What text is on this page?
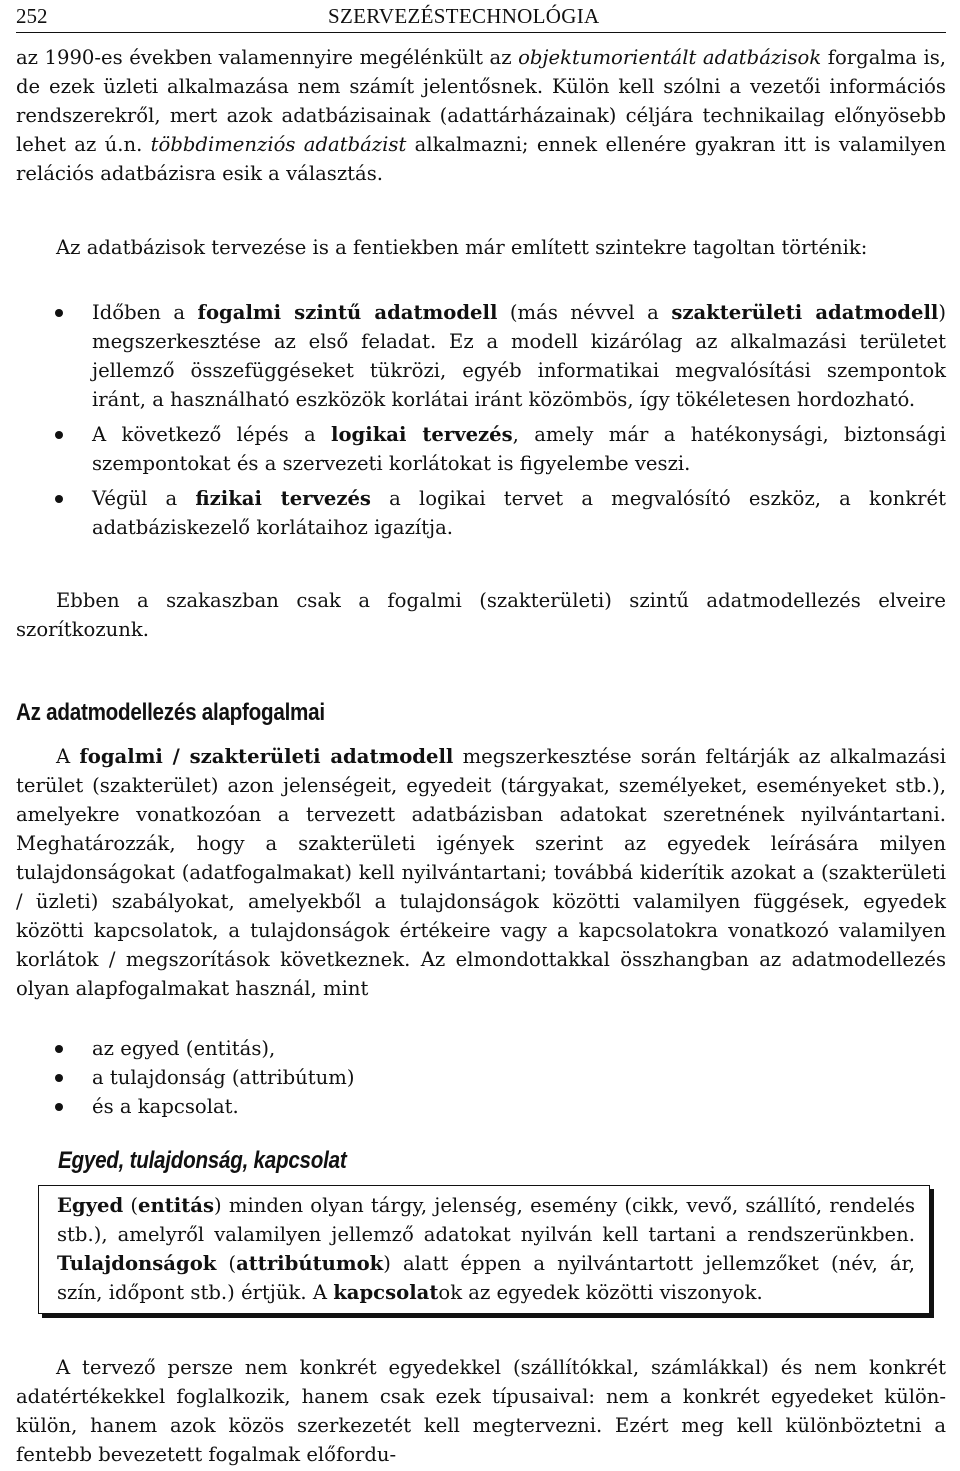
252	SZERVEZÉSTECHNOLÓGIA

az 1990-es években valamennyire megélénkült az objektumorientált adatbázisok forgalma is, de ezek üzleti alkalmazása nem számít jelentősnek. Külön kell szólni a vezetői információs rendszerekről, mert azok adatbázisainak (adattárházainak) céljára technikailag előnyösebb lehet az ú.n. többdimenziós adatbázist alkalmazni; ennek ellenére gyakran itt is valamilyen relációs adatbázisra esik a választás.

Az adatbázisok tervezése is a fentiekben már említett szintekre tagoltan történik:

Időben a fogalmi szintű adatmodell (más névvel a szakterületi adatmodell) megszerkesztése az első feladat. Ez a modell kizárólag az alkalmazási területet jellemző összefüggéseket tükrözi, egyéb informatikai megvalósítási szempontok iránt, a használható eszközök korlátai iránt közömbös, így tökéletesen hordozható.
A következő lépés a logikai tervezés, amely már a hatékonysági, biztonsági szempontokat és a szervezeti korlátokat is figyelembe veszi.
Végül a fizikai tervezés a logikai tervet a megvalósító eszköz, a konkrét adatbáziskezelő korlátaihoz igazítja.

Ebben a szakaszban csak a fogalmi (szakterületi) szintű adatmodellezés elveire szorítkozunk.

Az adatmodellezés alapfogalmai

A fogalmi / szakterületi adatmodell megszerkesztése során feltárják az alkalmazási terület (szakterület) azon jelenségeit, egyedeit (tárgyakat, személyeket, eseményeket stb.), amelyekre vonatkozóan a tervezett adatbázisban adatokat szeretnének nyilvántartani. Meghatározzák, hogy a szakterületi igények szerint az egyedek leírására milyen tulajdonságokat (adatfogalmakat) kell nyilvántartani; továbbá kiderítik azokat a (szakterületi / üzleti) szabályokat, amelyekből a tulajdonságok közötti valamilyen függések, egyedek közötti kapcsolatok, a tulajdonságok értékeire vagy a kapcsolatokra vonatkozó valamilyen korlátok / megszorítások következnek. Az elmondottakkal összhangban az adatmodellezés olyan alapfogalmakat használ, mint

az egyed (entitás),
a tulajdonság (attribútum)
és a kapcsolat.
Egyed, tulajdonság, kapcsolat

Egyed (entitás) minden olyan tárgy, jelenség, esemény (cikk, vevő, szállító, rendelés stb.), amelyről valamilyen jellemző adatokat nyilván kell tartani a rendszerünkben. Tulajdonságok (attribútumok) alatt éppen a nyilvántartott jellemzőket (név, ár, szín, időpont stb.) értjük. A kapcsolatok az egyedek közötti viszonyok.

A tervező persze nem konkrét egyedekkel (szállítókkal, számlákkal) és nem konkrét adatértékekkel foglalkozik, hanem csak ezek típusaival: nem a konkrét egyedeket külön-külön, hanem azok közös szerkezetét kell megtervezni. Ezért meg kell különböztetni a fentebb bevezetett fogalmak előfordu-
